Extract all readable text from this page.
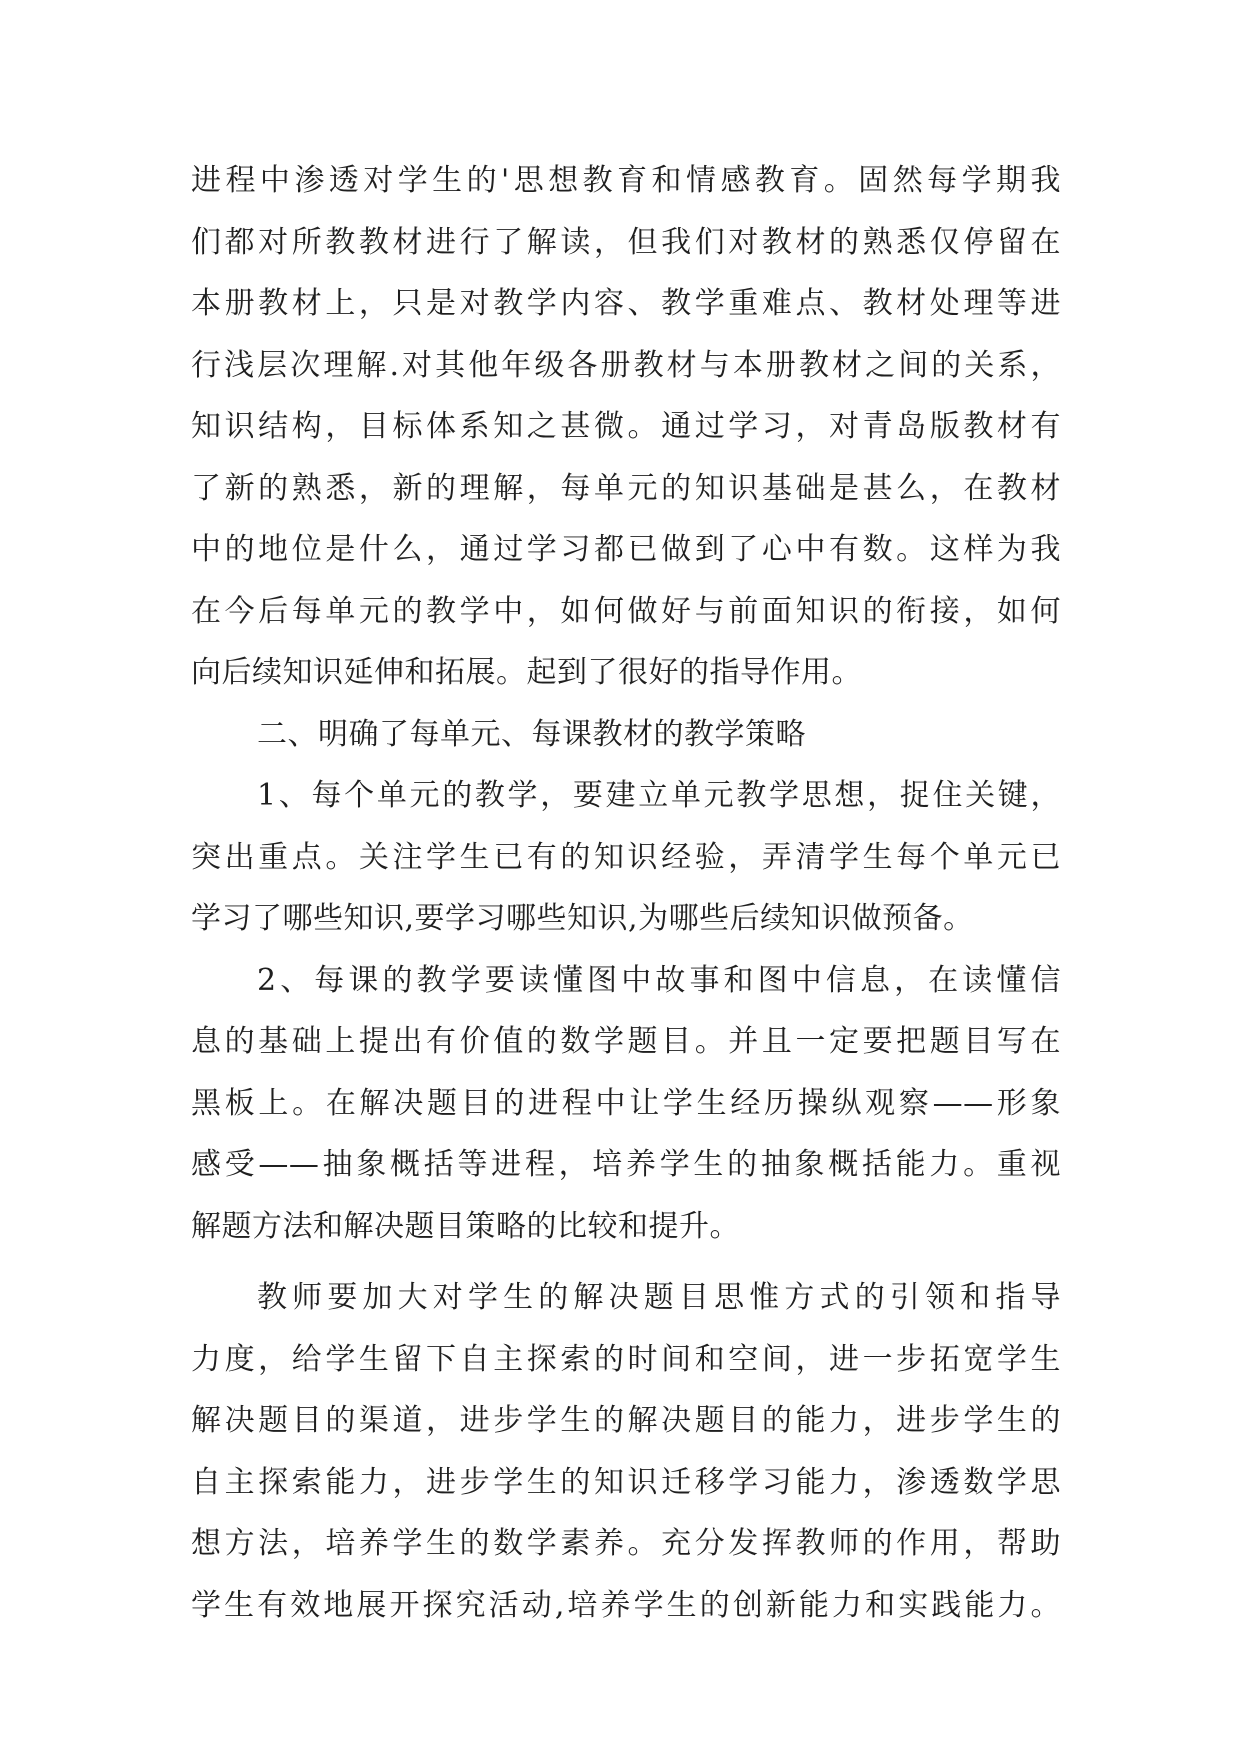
进程中渗透对学生的'思想教育和情感教育。固然每学期我
们都对所教教材进行了解读，但我们对教材的熟悉仅停留在
本册教材上，只是对教学内容、教学重难点、教材处理等进
行浅层次理解.对其他年级各册教材与本册教材之间的关系，
知识结构，目标体系知之甚微。通过学习，对青岛版教材有
了新的熟悉，新的理解，每单元的知识基础是甚么，在教材
中的地位是什么，通过学习都已做到了心中有数。这样为我
在今后每单元的教学中，如何做好与前面知识的衔接，如何
向后续知识延伸和拓展。起到了很好的指导作用。
二、明确了每单元、每课教材的教学策略
1、每个单元的教学，要建立单元教学思想，捉住关键，
突出重点。关注学生已有的知识经验，弄清学生每个单元已
学习了哪些知识,要学习哪些知识,为哪些后续知识做预备。
2、每课的教学要读懂图中故事和图中信息，在读懂信
息的基础上提出有价值的数学题目。并且一定要把题目写在
黑板上。在解决题目的进程中让学生经历操纵观察——形象
感受——抽象概括等进程，培养学生的抽象概括能力。重视
解题方法和解决题目策略的比较和提升。
教师要加大对学生的解决题目思惟方式的引领和指导
力度，给学生留下自主探索的时间和空间，进一步拓宽学生
解决题目的渠道，进步学生的解决题目的能力，进步学生的
自主探索能力，进步学生的知识迁移学习能力，渗透数学思
想方法，培养学生的数学素养。充分发挥教师的作用，帮助
学生有效地展开探究活动,培养学生的创新能力和实践能力。
